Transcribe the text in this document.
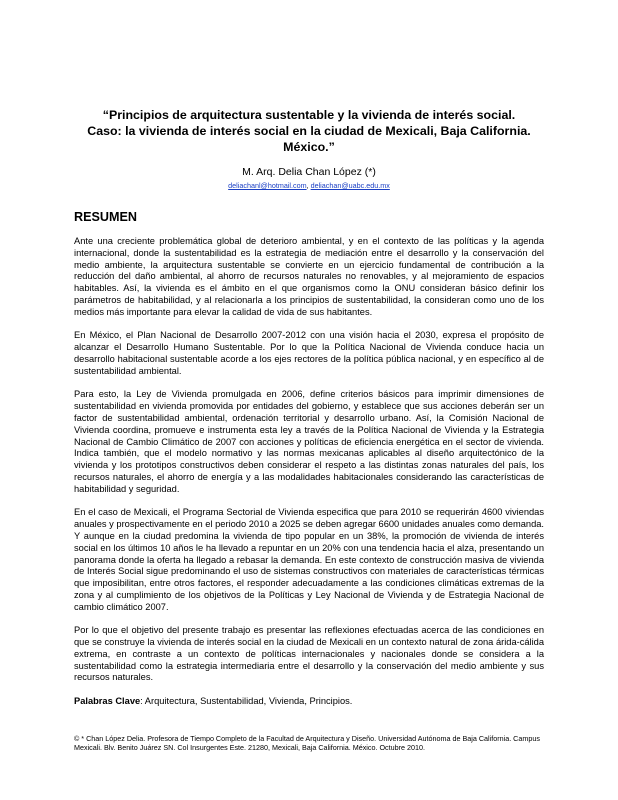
“Principios de arquitectura sustentable y la vivienda de interés social.
Caso: la vivienda de interés social en la ciudad de Mexicali, Baja California.
México.”
M. Arq. Delia Chan López (*)
deliachanl@hotmail.com, deliachan@uabc.edu.mx
RESUMEN

Ante una creciente problemática global de deterioro ambiental, y en el contexto de las políticas y la agenda internacional, donde la sustentabilidad es la estrategia de mediación entre el desarrollo y la conservación del medio ambiente, la arquitectura sustentable se convierte en un ejercicio fundamental de contribución a la reducción del daño ambiental, al ahorro de recursos naturales no renovables, y al mejoramiento de espacios habitables. Así, la vivienda es el ámbito en el que organismos como la ONU consideran básico definir los parámetros de habitabilidad, y al relacionarla a los principios de sustentabilidad, la consideran como uno de los medios más importante para elevar la calidad de vida de sus habitantes.

En México, el Plan Nacional de Desarrollo 2007-2012 con una visión hacia el 2030, expresa el propósito de alcanzar el Desarrollo Humano Sustentable. Por lo que la Política Nacional de Vivienda conduce hacia un desarrollo habitacional sustentable acorde a los ejes rectores de la política pública nacional, y en específico al de sustentabilidad ambiental.

Para esto, la Ley de Vivienda promulgada en 2006, define criterios básicos para imprimir dimensiones de sustentabilidad en vivienda promovida por entidades del gobierno, y establece que sus acciones deberán ser un factor de sustentabilidad ambiental, ordenación territorial y desarrollo urbano. Así, la Comisión Nacional de Vivienda coordina, promueve e instrumenta esta ley a través de la Política Nacional de Vivienda y la Estrategia Nacional de Cambio Climático de 2007 con acciones y políticas de eficiencia energética en el sector de vivienda. Indica también, que el modelo normativo y las normas mexicanas aplicables al diseño arquitectónico de la vivienda y los prototipos constructivos deben considerar el respeto a las distintas zonas naturales del país, los recursos naturales, el ahorro de energía y a las modalidades habitacionales considerando las características de habitabilidad y seguridad.

En el caso de Mexicali, el Programa Sectorial de Vivienda especifica que para 2010 se requerirán 4600 viviendas anuales y prospectivamente en el periodo 2010 a 2025 se deben agregar 6600 unidades anuales como demanda. Y aunque en la ciudad predomina la vivienda de tipo popular en un 38%, la promoción de vivienda de interés social en los últimos 10 años le ha llevado a repuntar en un 20% con una tendencia hacia el alza, presentando un panorama donde la oferta ha llegado a rebasar la demanda. En este contexto de construcción masiva de vivienda de Interés Social sigue predominando el uso de sistemas constructivos con materiales de características térmicas que imposibilitan, entre otros factores, el responder adecuadamente a las condiciones climáticas extremas de la zona y al cumplimiento de los objetivos de la Políticas y Ley Nacional de Vivienda y de Estrategia Nacional de cambio climático 2007.

Por lo que el objetivo del presente trabajo es presentar las reflexiones efectuadas acerca de las condiciones en que se construye la vivienda de interés social en la ciudad de Mexicali en un contexto natural de zona árida-cálida extrema, en contraste a un contexto de políticas internacionales y nacionales donde se considera a la sustentabilidad como la estrategia intermediaria entre el desarrollo y la conservación del medio ambiente y sus recursos naturales.

Palabras Clave: Arquitectura, Sustentabilidad, Vivienda, Principios.

© * Chan López Delia. Profesora de Tiempo Completo de la Facultad de Arquitectura y Diseño. Universidad Autónoma de Baja California. Campus Mexicali. Blv. Benito Juárez SN. Col Insurgentes Este. 21280, Mexicali, Baja California. México. Octubre 2010.
